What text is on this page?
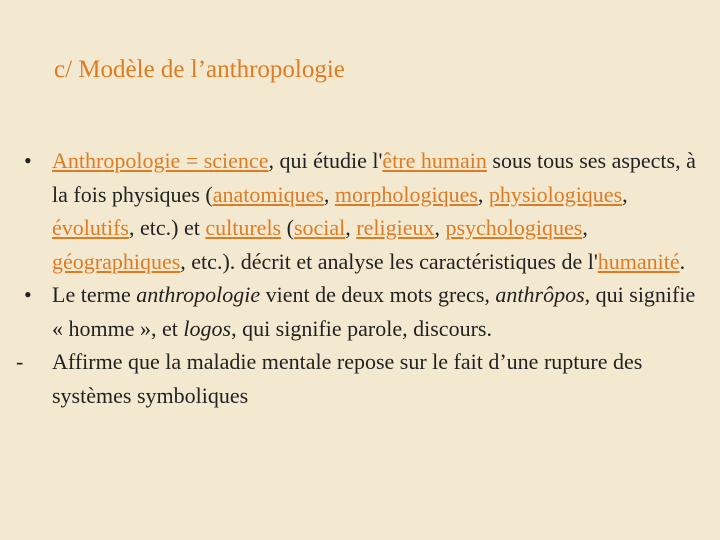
c/ Modèle de l’anthropologie

• Anthropologie = science, qui étudie l'être humain sous tous ses aspects, à la fois physiques (anatomiques, morphologiques, physiologiques, évolutifs, etc.) et culturels (social, religieux, psychologiques, géographiques, etc.). décrit et analyse les caractéristiques de l'humanité.

• Le terme anthropologie vient de deux mots grecs, anthrôpos, qui signifie « homme », et logos, qui signifie parole, discours.

- Affirme que la maladie mentale repose sur le fait d’une rupture des systèmes symboliques
